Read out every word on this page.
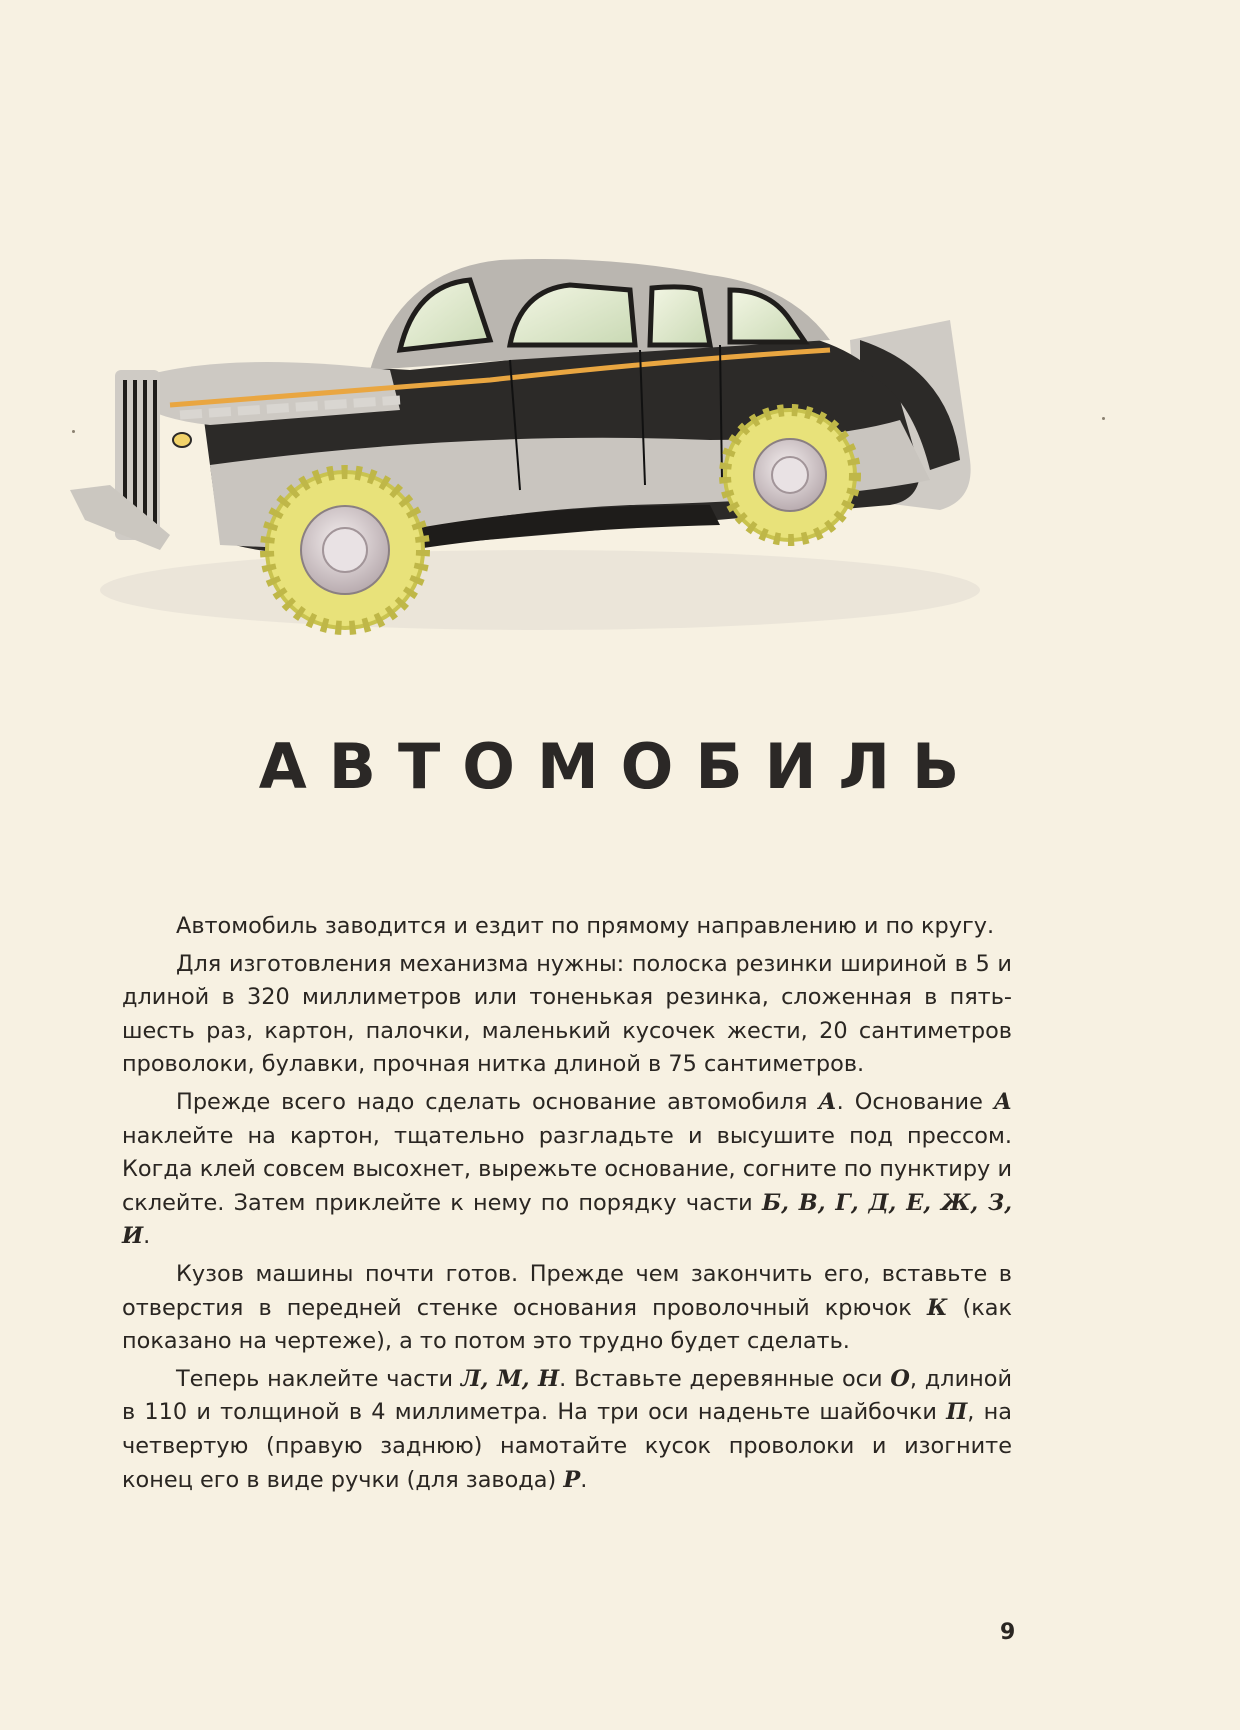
АВТОМОБИЛЬ

Автомобиль заводится и ездит по прямому направлению и по кругу.

Для изготовления механизма нужны: полоска резинки шириной в 5 и длиной в 320 миллиметров или тоненькая резинка, сложенная в пять-шесть раз, картон, палочки, маленький кусочек жести, 20 сантиметров проволоки, булавки, прочная нитка длиной в 75 сантиметров.

Прежде всего надо сделать основание автомобиля А. Основание А наклейте на картон, тщательно разгладьте и высушите под прессом. Когда клей совсем высохнет, вырежьте основание, согните по пунктиру и склейте. Затем приклейте к нему по порядку части Б, В, Г, Д, Е, Ж, З, И.

Кузов машины почти готов. Прежде чем закончить его, вставьте в отверстия в передней стенке основания проволочный крючок К (как показано на чертеже), а то потом это трудно будет сделать.

Теперь наклейте части Л, М, Н. Вставьте деревянные оси О, длиной в 110 и толщиной в 4 миллиметра. На три оси наденьте шайбочки П, на четвертую (правую заднюю) намотайте кусок проволоки и изогните конец его в виде ручки (для завода) Р.

9
